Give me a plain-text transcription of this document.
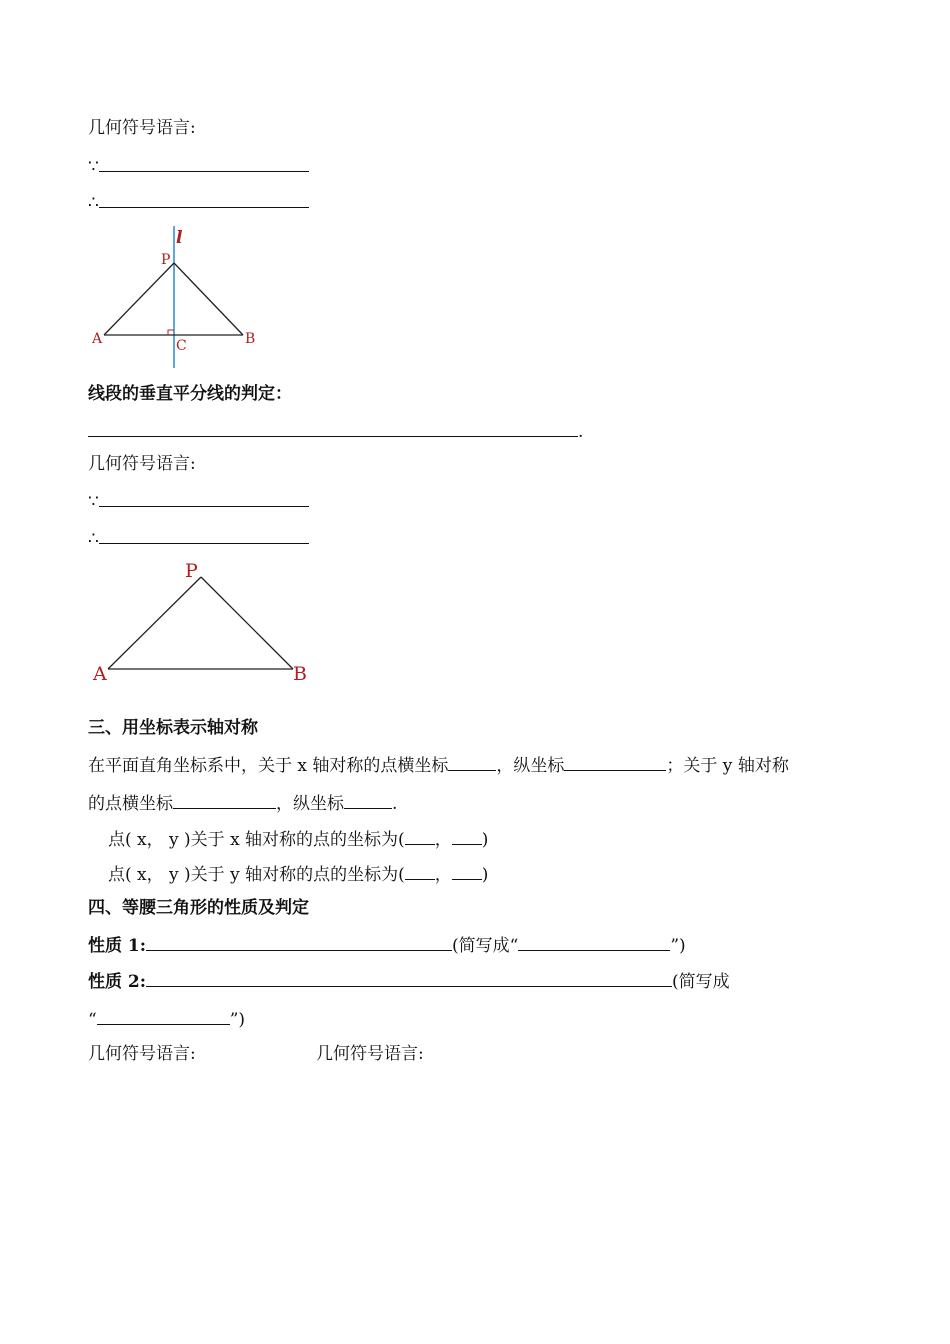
几何符号语言:
∵
∴
l
P
A	B
C
线段的垂直平分线的判定：
.
几何符号语言:
∵
∴
P
A	B
三、用坐标表示轴对称
在平面直角坐标系中，关于 x 轴对称的点横坐标	，纵坐标	；关于 y 轴对称
的点横坐标	，纵坐标	.
点( x， y )关于 x 轴对称的点的坐标为( ， )
点( x， y )关于 y 轴对称的点的坐标为( ， )
四、等腰三角形的性质及判定
性质 1:	(简写成“	”)
性质 2:	(简写成
“	”)
几何符号语言:	几何符号语言:
